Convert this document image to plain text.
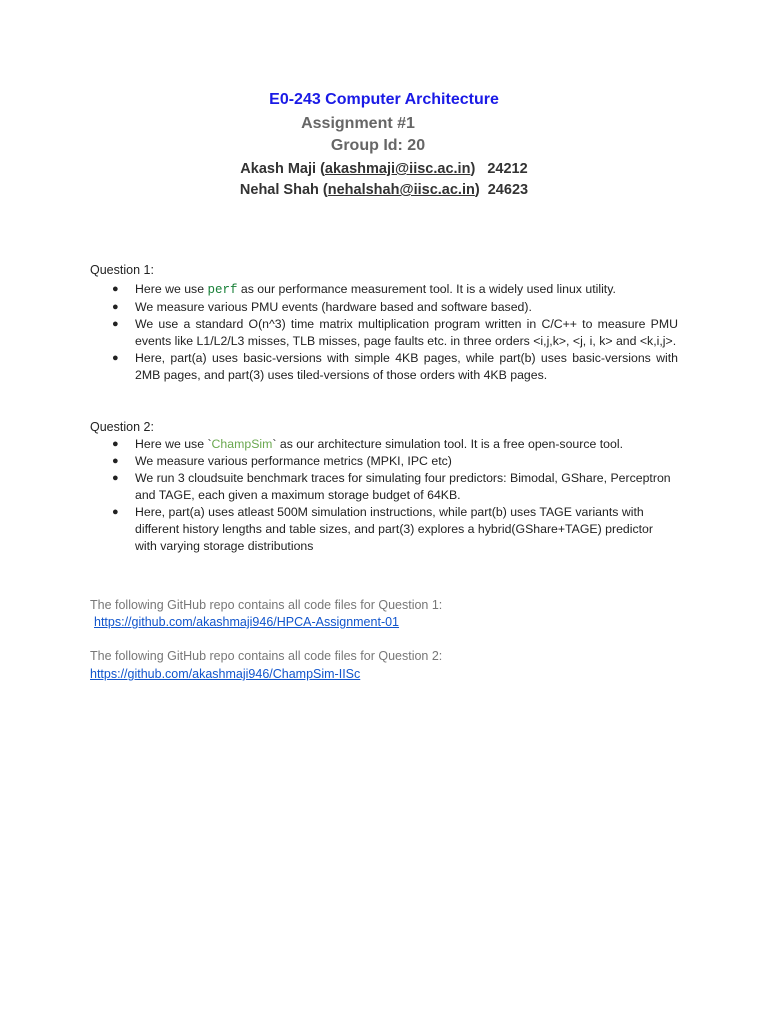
E0-243 Computer Architecture
Assignment #1
Group Id: 20
Akash Maji (akashmaji@iisc.ac.in)   24212
Nehal Shah (nehalshah@iisc.ac.in)  24623
Question 1:
● Here we use perf as our performance measurement tool. It is a widely used linux utility.
● We measure various PMU events (hardware based and software based).
● We use a standard O(n^3) time matrix multiplication program written in C/C++ to measure PMU events like L1/L2/L3 misses, TLB misses, page faults etc. in three orders <i,j,k>, <j, i, k> and <k,i,j>.
● Here, part(a) uses basic-versions with simple 4KB pages, while part(b) uses basic-versions with 2MB pages, and part(3) uses tiled-versions of those orders with 4KB pages.
Question 2:
● Here we use `ChampSim` as our architecture simulation tool. It is a free open-source tool.
● We measure various performance metrics (MPKI, IPC etc)
● We run 3 cloudsuite benchmark traces for simulating four predictors: Bimodal, GShare, Perceptron and TAGE, each given a maximum storage budget of 64KB.
● Here, part(a) uses atleast 500M simulation instructions, while part(b) uses TAGE variants with different history lengths and table sizes, and part(3) explores a hybrid(GShare+TAGE) predictor with varying storage distributions
The following GitHub repo contains all code files for Question 1:
https://github.com/akashmaji946/HPCA-Assignment-01
The following GitHub repo contains all code files for Question 2:
https://github.com/akashmaji946/ChampSim-IISc
